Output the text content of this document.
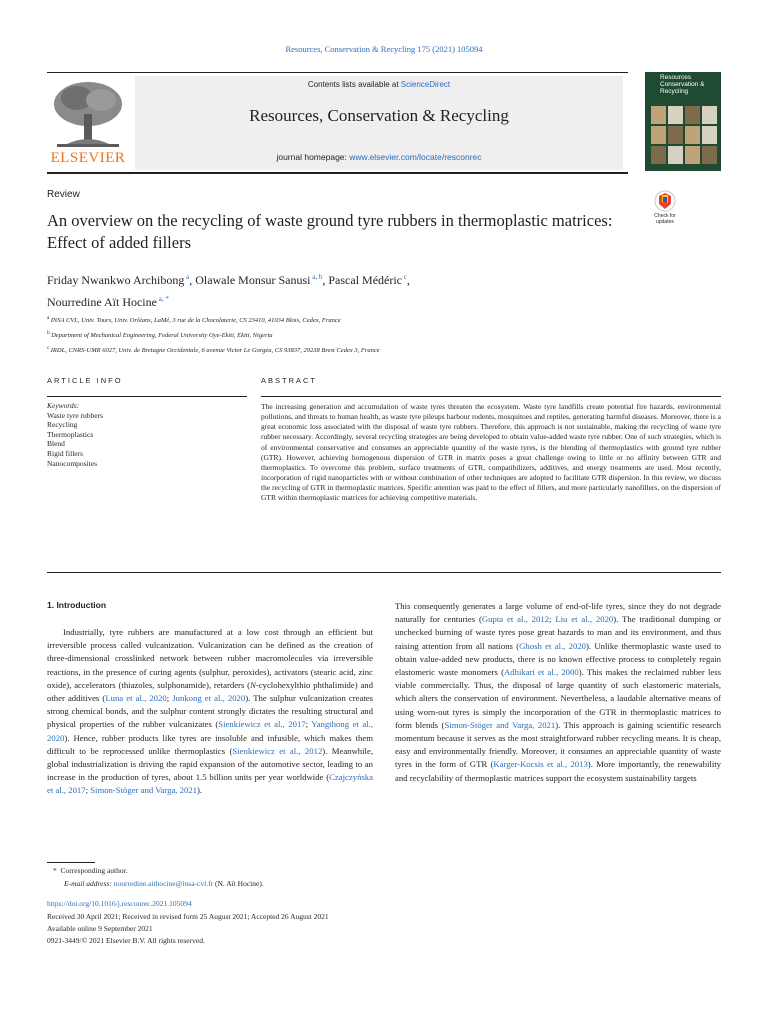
Resources, Conservation & Recycling 175 (2021) 105094
ELSEVIER
Contents lists available at ScienceDirect
Resources, Conservation & Recycling
journal homepage: www.elsevier.com/locate/resconrec
Resources Conservation & Recycling
Review
An overview on the recycling of waste ground tyre rubbers in thermoplastic matrices: Effect of added fillers
Check for updates
Friday Nwankwo Archibong $^a$, Olawale Monsur Sanusi $^{a, b}$, Pascal Médéric $^c$,
Nourredine Aït Hocine $^{a, *}$
$^a$ INSA CVL, Univ. Tours, Univ. Orléans, LaMé, 3 rue de la Chocolaterie, CS 23410, 41034 Blois, Cedex, France
$^b$ Department of Mechanical Engineering, Federal University Oye-Ekiti, Ekiti, Nigeria
$^c$ IRDL, CNRS-UMR 6027, Univ. de Bretagne Occidentale, 6 avenue Victor Le Gorgeu, CS 93837, 29238 Brest Cedex 3, France
ARTICLE INFO	ABSTRACT
Keywords:
Waste tyre rubbers
Recycling
Thermoplastics
Blend
Rigid fillers
Nanocomposites
The increasing generation and accumulation of waste tyres threaten the ecosystem. Waste tyre landfills create potential fire hazards, environmental pollutions, and threats to human health, as waste tyre pileups harbour rodents, mosquitoes and reptiles, generating harmful diseases. Moreover, there is a great economic loss associated with the disposal of waste tyre rubbers. Therefore, this approach is not sustainable, making the recycling of waste tyre rubber necessary. Accordingly, several recycling strategies are being developed to obtain value-added waste tyre rubber. One of such strategies, which is of environmental conservative and consumes an appreciable quantity of the waste tyres, is the blending of thermoplastics with ground tyre rubber (GTR). However, achieving homogenous dispersion of GTR in matrix poses a great challenge owing to little or no affinity between GTR and thermoplastics. To overcome this problem, surface treatments of GTR, compatibilizers, additives, and energy treatments are used. Most recently, incorporation of rigid nanoparticles with or without combination of other techniques are adopted to facilitate GTR dispersion. In this review, we discuss the recycling of GTR in thermoplastic matrices. Specific attention was paid to the effect of fillers, and more particularly nanofillers, on the dispersion of GTR within thermoplastic matrices for achieving competitive materials.
1. Introduction
Industrially, tyre rubbers are manufactured at a low cost through an efficient but irreversible process called vulcanization. Vulcanization can be defined as the creation of three-dimensional crosslinked network between rubber macromolecules via irreversible reactions, in the presence of curing agents (sulphur, peroxides), activators (stearic acid, zinc oxide), accelerators (thiazoles, sulphonamide), retarders (N-cyclohexylthio phthalimide) and other additives (Luna et al., 2020; Junkong et al., 2020). The sulphur vulcanization creates strong chemical bonds, and the sulphur content strongly dictates the resulting structural and physical properties of the rubber vulcanizates (Sienkiewicz et al., 2017; Yangthong et al., 2020). Hence, rubber products like tyres are insoluble and infusible, which makes them difficult to be reprocessed unlike thermoplastics (Sienkiewicz et al., 2012). Meanwhile, global industrialization is driving the rapid expansion of the automotive sector, leading to an increase in the production of tyres, about 1.5 billion units per year worldwide (Czajczyńska et al., 2017; Simon-Stöger and Varga, 2021).
This consequently generates a large volume of end-of-life tyres, since they do not degrade naturally for centuries (Gupta et al., 2012; Liu et al., 2020). The traditional dumping or unchecked burning of waste tyres pose great hazards to man and its environment, and thus raising attention from all nations (Ghosh et al., 2020). Unlike thermoplastic waste used to obtain value-added new products, there is no known effective process to completely regain elastomeric waste monomers (Adhikari et al., 2000). This makes the reclaimed rubber less viable commercially. Thus, the disposal of large quantity of such elastomeric materials, which alters the conservation of environment. Nevertheless, a laudable alternative means of using worn-out tyres is simply the incorporation of the GTR in thermoplastic matrices to form blends (Simon-Stöger and Varga, 2021). This approach is gaining scientific research momentum because it serves as the most straightforward rubber recycling means. It is cheap, easy and environmentally friendly. Moreover, it consumes an appreciable quantity of waste tyres in the form of GTR (Karger-Kocsis et al., 2013). More importantly, the renewability and recyclability of thermoplastic matrices support the ecosystem sustainability targets
*  Corresponding author.
E-mail address: nourredine.aithocine@insa-cvl.fr (N. Aït Hocine).
https://doi.org/10.1016/j.resconrec.2021.105094
Received 30 April 2021; Received in revised form 25 August 2021; Accepted 26 August 2021
Available online 9 September 2021
0921-3449/© 2021 Elsevier B.V. All rights reserved.
